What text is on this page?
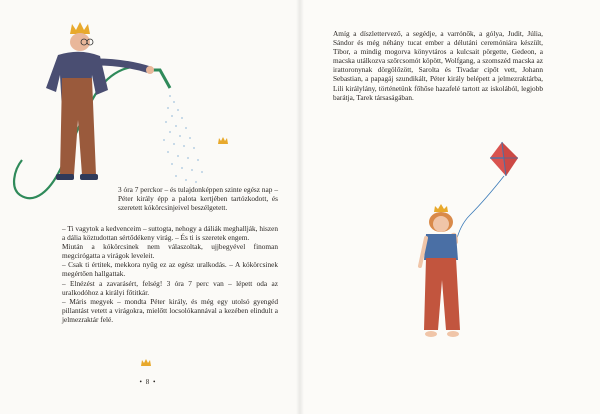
3 óra 7 perckor – és tulajdonképpen szinte egész nap – Péter király épp a palota kertjében tartózkodott, és szeretett kókörcsinjeivel beszélgetett.

– Ti vagytok a kedvenceim – suttogta, nehogy a dáliák meghallják, hiszen a dália köztudottan sértődékeny virág. – És ti is szeretek engem.

Miután a kókörcsinek nem válaszoltak, ujjbegyével finoman megcirógatta a virágok leveleit.

– Csak ti értitek, mekkora nyűg ez az egész uralkodás. – A kókörcsinek megértően hallgattak.

– Elnézést a zavarásért, felség! 3 óra 7 perc van – lépett oda az uralkodóhoz a királyi főtitkár.

– Máris megyek – mondta Péter király, és még egy utolsó gyengéd pillantást vetett a virágokra, mielőtt locsolókannával a kezében elindult a jelmezraktár felé.

• 8 •

Amíg a díszlettervező, a segédje, a varrónők, a gólya, Judit, Júlia, Sándor és még néhány tucat ember a délutáni ceremóniára készült, Tibor, a mindig mogorva könyvtáros a kulcsait pörgette, Gedeon, a macska utálkozva szőrcsomót köpött, Wolfgang, a szomszéd macska az irattoronynak dörgölőzött, Sarolta és Tivadar cipőt vett, Johann Sebastian, a papagáj szundikált, Péter király belépett a jelmezraktárba, Lili királylány, történetünk főhőse hazafelé tartott az iskolából, legjobb barátja, Tarek társaságában.
